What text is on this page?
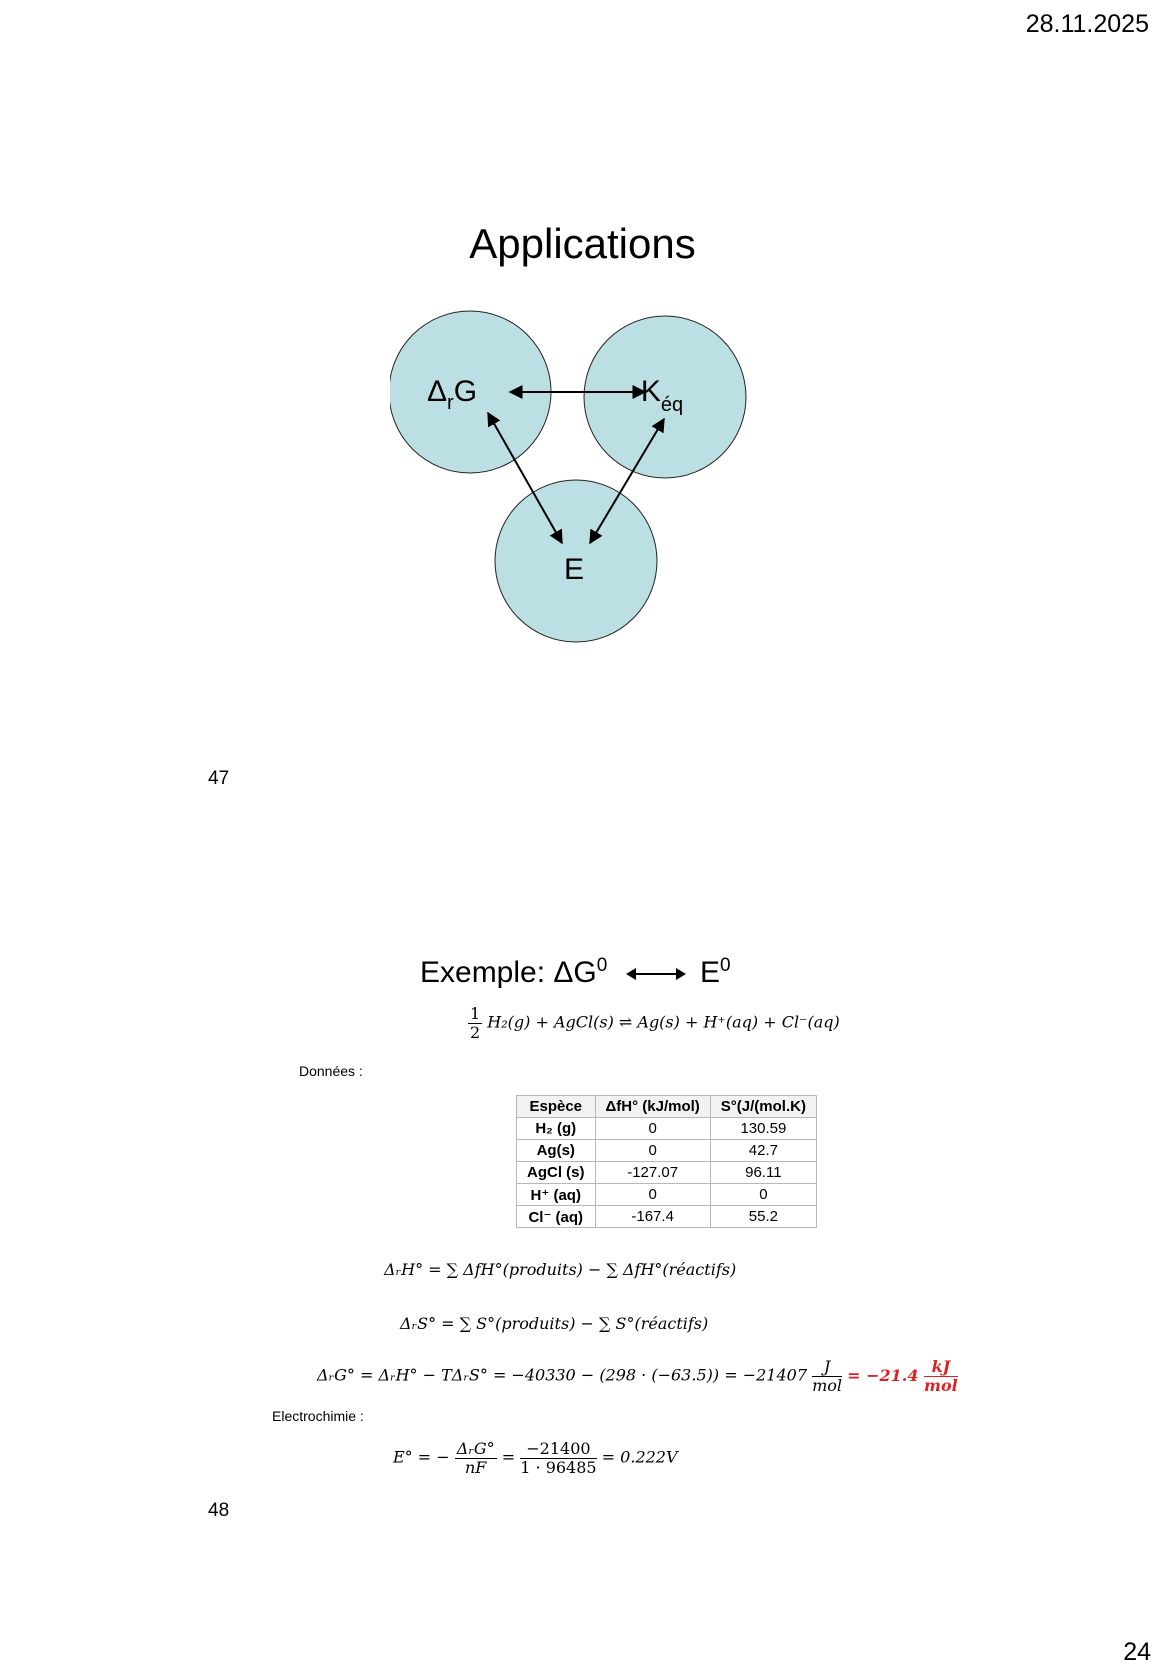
28.11.2025
Applications
$\Delta_rG$	$K_{éq}$
E
47
Exemple: $\Delta G^0$	$E^0$
$\frac{1}{2} H_2(g)$ + AgCl(s) ⇌ Ag(s) + H⁺(aq) + Cl⁻(aq)
Données :
Espèce	ΔfH° (kJ/mol)	S°(J/(mol.K)
H₂ (g)	0	130.59
Ag(s)	0	42.7
AgCl (s)	-127.07	96.11
H⁺ (aq)	0	0
Cl⁻ (aq)	-167.4	55.2
ΔᵣH° = ∑ ΔfH°(produits) − ∑ ΔfH°(réactifs)
ΔᵣS° = ∑ S°(produits) − ∑ S°(réactifs)
ΔᵣG° = ΔᵣH° − TΔᵣS° = $-40330 - (298 \cdot (-63.5)) = -21407 \frac{J}{\text{mol}} = -21.4 \frac{kJ}{\text{mol}}$
Electrochimie :
E° = − $\frac{\text{ΔᵣG°}}{nF} = \frac{-21400}{1 \cdot 96485} = 0.222V$
48
24
